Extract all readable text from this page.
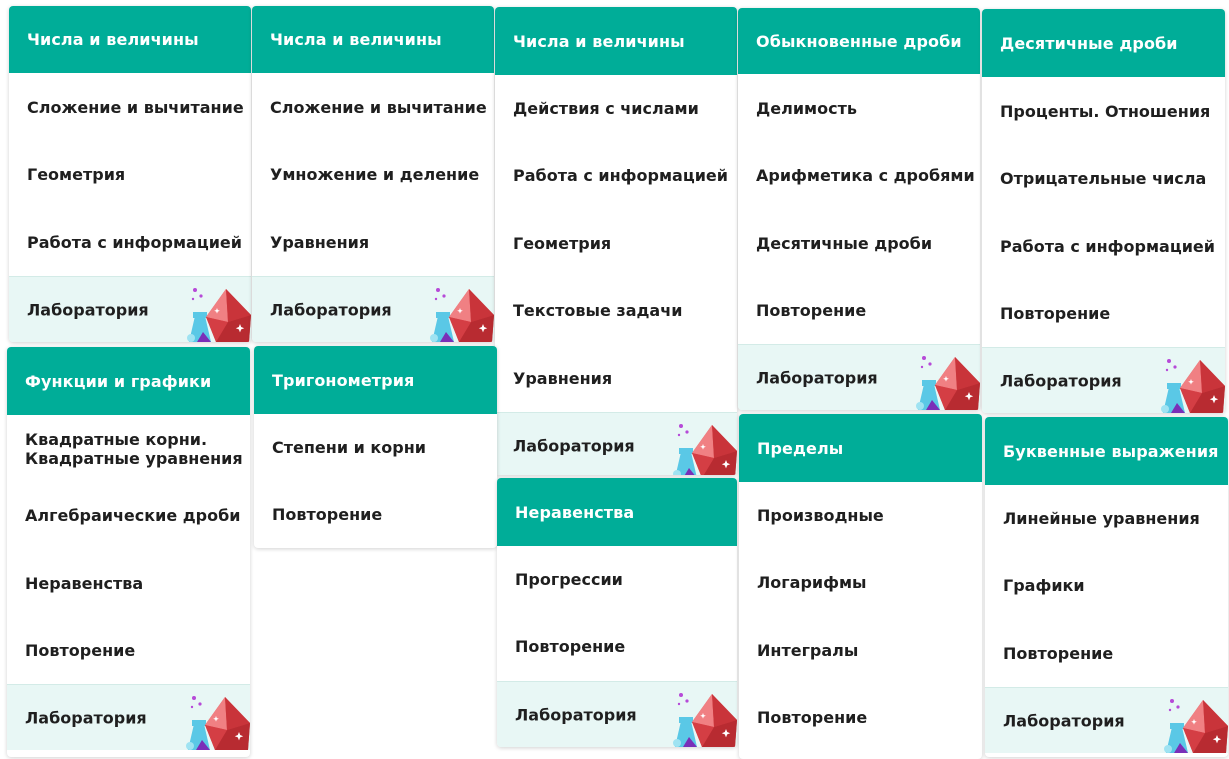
Числа и величины
Сложение и вычитание
Геометрия
Работа с информацией
Лаборатория
Числа и величины
Сложение и вычитание
Умножение и деление
Уравнения
Лаборатория
Числа и величины
Действия с числами
Работа с информацией
Геометрия
Текстовые задачи
Уравнения
Лаборатория
Обыкновенные дроби
Делимость
Арифметика с дробями
Десятичные дроби
Повторение
Лаборатория
Десятичные дроби
Проценты. Отношения
Отрицательные числа
Работа с информацией
Повторение
Лаборатория
Функции и графики
Квадратные корни.
Квадратные уравнения
Алгебраические дроби
Неравенства
Повторение
Лаборатория
Тригонометрия
Степени и корни
Повторение	Неравенства
Прогрессии
Повторение
Лаборатория
Пределы
Производные
Логарифмы
Интегралы
Повторение
Буквенные выражения
Линейные уравнения
Графики
Повторение
Лаборатория
